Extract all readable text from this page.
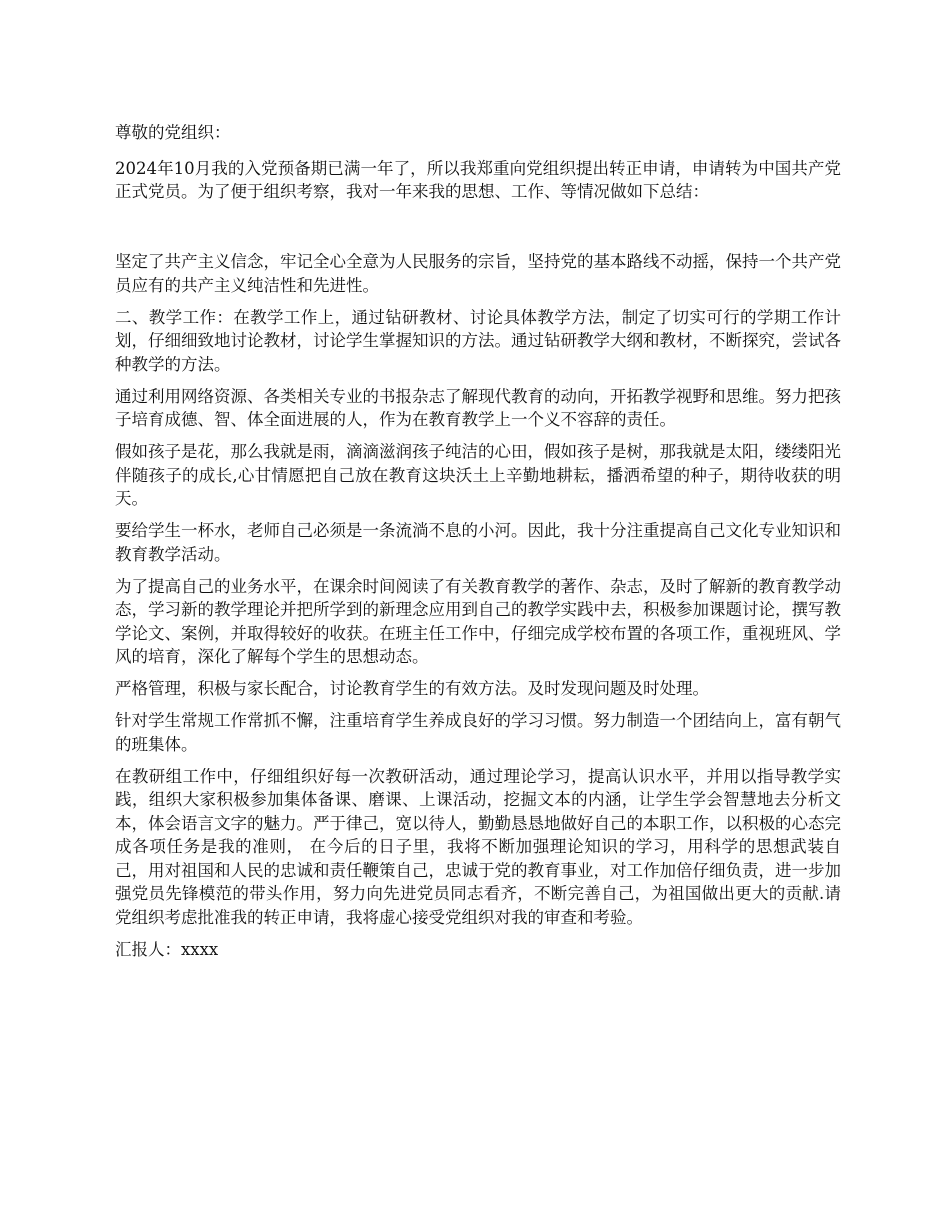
尊敬的党组织：

2024年10月我的入党预备期已满一年了，所以我郑重向党组织提出转正申请，申请转为中国共产党正式党员。为了便于组织考察，我对一年来我的思想、工作、等情况做如下总结：

坚定了共产主义信念，牢记全心全意为人民服务的宗旨，坚持党的基本路线不动摇，保持一个共产党员应有的共产主义纯洁性和先进性。

二、教学工作：在教学工作上，通过钻研教材、讨论具体教学方法，制定了切实可行的学期工作计划，仔细细致地讨论教材，讨论学生掌握知识的方法。通过钻研教学大纲和教材，不断探究，尝试各种教学的方法。

通过利用网络资源、各类相关专业的书报杂志了解现代教育的动向，开拓教学视野和思维。努力把孩子培育成德、智、体全面进展的人，作为在教育教学上一个义不容辞的责任。

假如孩子是花，那么我就是雨，滴滴滋润孩子纯洁的心田，假如孩子是树，那我就是太阳，缕缕阳光伴随孩子的成长,心甘情愿把自己放在教育这块沃土上辛勤地耕耘，播洒希望的种子，期待收获的明天。

要给学生一杯水，老师自己必须是一条流淌不息的小河。因此，我十分注重提高自己文化专业知识和教育教学活动。

为了提高自己的业务水平，在课余时间阅读了有关教育教学的著作、杂志，及时了解新的教育教学动态，学习新的教学理论并把所学到的新理念应用到自己的教学实践中去，积极参加课题讨论，撰写教学论文、案例，并取得较好的收获。在班主任工作中，仔细完成学校布置的各项工作，重视班风、学风的培育，深化了解每个学生的思想动态。

严格管理，积极与家长配合，讨论教育学生的有效方法。及时发现问题及时处理。

针对学生常规工作常抓不懈，注重培育学生养成良好的学习习惯。努力制造一个团结向上，富有朝气的班集体。

在教研组工作中，仔细组织好每一次教研活动，通过理论学习，提高认识水平，并用以指导教学实践，组织大家积极参加集体备课、磨课、上课活动，挖掘文本的内涵，让学生学会智慧地去分析文本，体会语言文字的魅力。严于律己，宽以待人，勤勤恳恳地做好自己的本职工作，以积极的心态完成各项任务是我的准则， 在今后的日子里，我将不断加强理论知识的学习，用科学的思想武装自己，用对祖国和人民的忠诚和责任鞭策自己，忠诚于党的教育事业，对工作加倍仔细负责，进一步加强党员先锋模范的带头作用，努力向先进党员同志看齐，不断完善自己，为祖国做出更大的贡献.请党组织考虑批准我的转正申请，我将虚心接受党组织对我的审查和考验。

汇报人：xxxx
